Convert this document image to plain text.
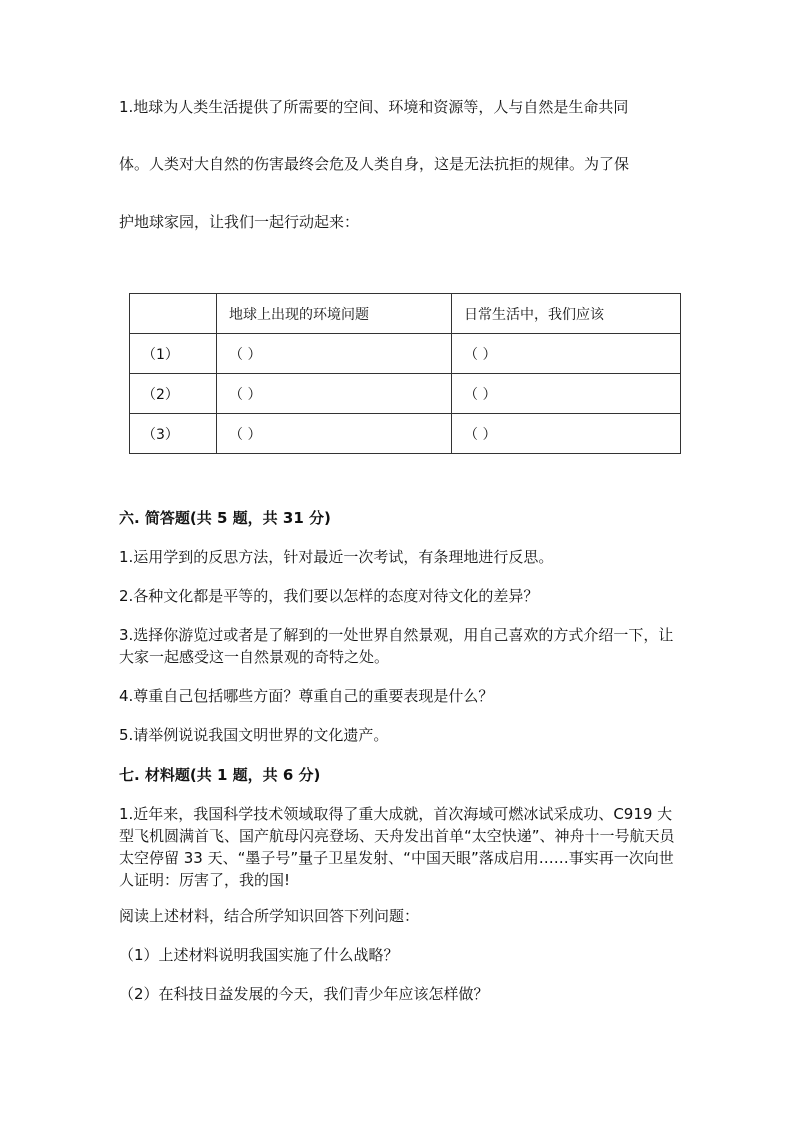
1.地球为人类生活提供了所需要的空间、环境和资源等，人与自然是生命共同
体。人类对大自然的伤害最终会危及人类自身，这是无法抗拒的规律。为了保
护地球家园，让我们一起行动起来：
	地球上出现的环境问题	日常生活中，我们应该
（1）	（ ）	（ ）
（2）	（ ）	（ ）
（3）	（ ）	（ ）
六. 简答题(共 5 题，共 31 分)
1.运用学到的反思方法，针对最近一次考试，有条理地进行反思。
2.各种文化都是平等的，我们要以怎样的态度对待文化的差异？
3.选择你游览过或者是了解到的一处世界自然景观，用自己喜欢的方式介绍一下，让大家一起感受这一自然景观的奇特之处。
4.尊重自己包括哪些方面？尊重自己的重要表现是什么？
5.请举例说说我国文明世界的文化遗产。
七. 材料题(共 1 题，共 6 分)
1.近年来，我国科学技术领域取得了重大成就，首次海域可燃冰试采成功、C919 大型飞机圆满首飞、国产航母闪亮登场、天舟发出首单“太空快递”、神舟十一号航天员太空停留 33 天、“墨子号”量子卫星发射、“中国天眼”落成启用……事实再一次向世人证明：厉害了，我的国!
阅读上述材料，结合所学知识回答下列问题：
（1）上述材料说明我国实施了什么战略？
（2）在科技日益发展的今天，我们青少年应该怎样做？
